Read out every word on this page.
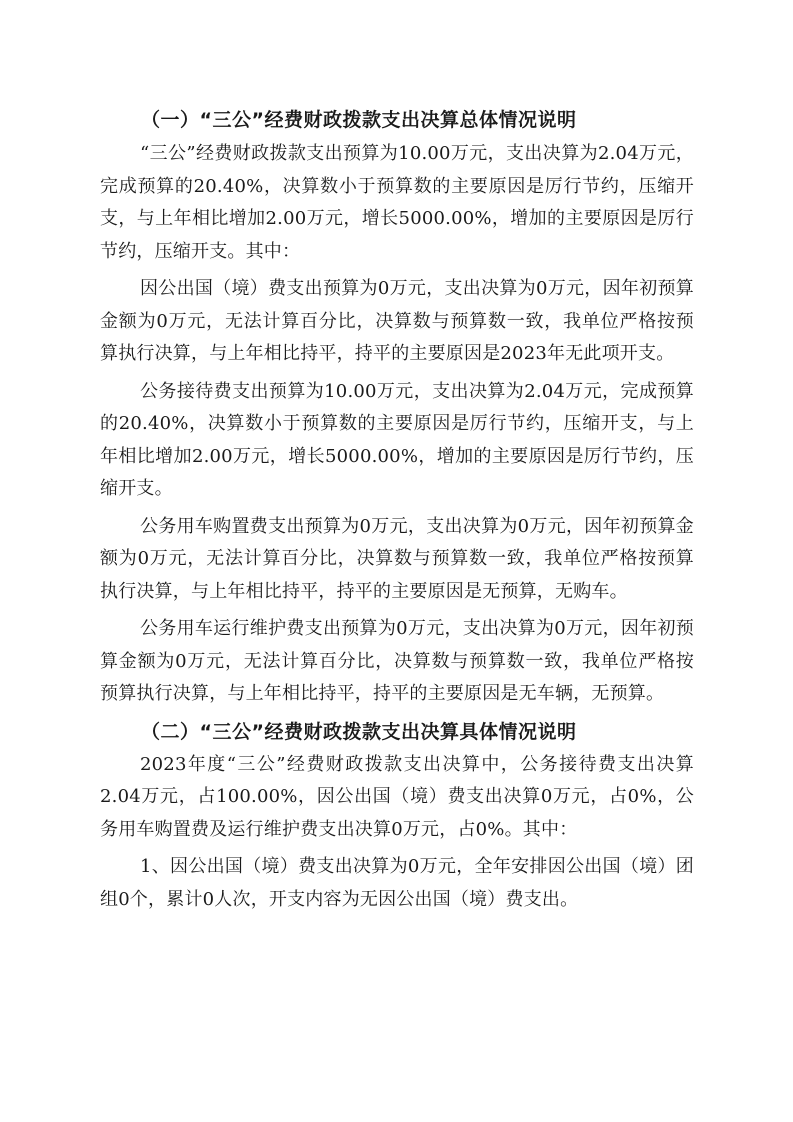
（一）“三公”经费财政拨款支出决算总体情况说明

“三公”经费财政拨款支出预算为10.00万元，支出决算为2.04万元，完成预算的20.40%，决算数小于预算数的主要原因是厉行节约，压缩开支，与上年相比增加2.00万元，增长5000.00%，增加的主要原因是厉行节约，压缩开支。其中：

因公出国（境）费支出预算为0万元，支出决算为0万元，因年初预算金额为0万元，无法计算百分比，决算数与预算数一致，我单位严格按预算执行决算，与上年相比持平，持平的主要原因是2023年无此项开支。

公务接待费支出预算为10.00万元，支出决算为2.04万元，完成预算的20.40%，决算数小于预算数的主要原因是厉行节约，压缩开支，与上年相比增加2.00万元，增长5000.00%，增加的主要原因是厉行节约，压缩开支。

公务用车购置费支出预算为0万元，支出决算为0万元，因年初预算金额为0万元，无法计算百分比，决算数与预算数一致，我单位严格按预算执行决算，与上年相比持平，持平的主要原因是无预算，无购车。

公务用车运行维护费支出预算为0万元，支出决算为0万元，因年初预算金额为0万元，无法计算百分比，决算数与预算数一致，我单位严格按预算执行决算，与上年相比持平，持平的主要原因是无车辆，无预算。

（二）“三公”经费财政拨款支出决算具体情况说明

2023年度“三公”经费财政拨款支出决算中，公务接待费支出决算2.04万元，占100.00%，因公出国（境）费支出决算0万元，占0%，公务用车购置费及运行维护费支出决算0万元，占0%。其中：

1、因公出国（境）费支出决算为0万元，全年安排因公出国（境）团组0个，累计0人次，开支内容为无因公出国（境）费支出。
